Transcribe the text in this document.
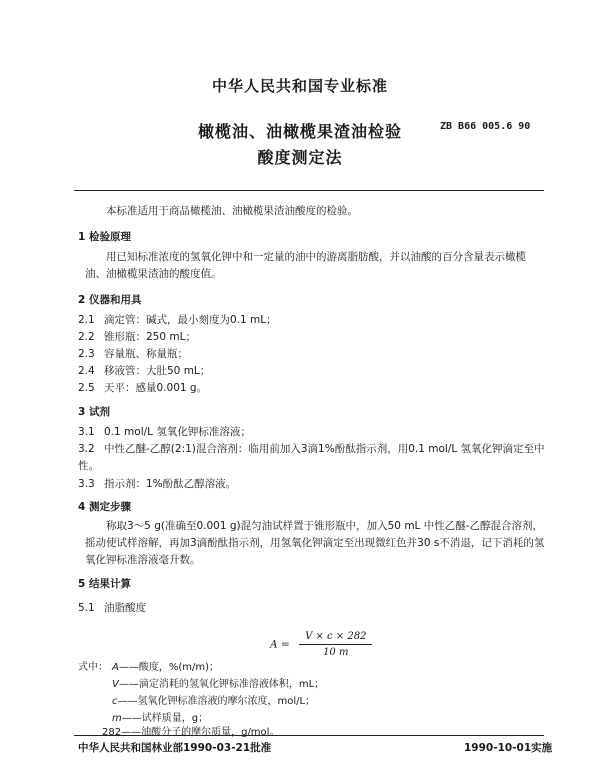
中华人民共和国专业标准
橄榄油、油橄榄果渣油检验
酸度测定法
ZB B66 005.6 90
本标准适用于商品橄榄油、油橄榄果渣油酸度的检验。
1 检验原理
用已知标准浓度的氢氧化钾中和一定量的油中的游离脂肪酸，并以油酸的百分含量表示橄榄油、油橄榄果渣油的酸度值。
2 仪器和用具
2.1 滴定管：碱式，最小刻度为0.1 mL；
2.2 锥形瓶：250 mL；
2.3 容量瓶、称量瓶；
2.4 移液管：大肚50 mL；
2.5 天平：感量0.001 g。
3 试剂
3.1 0.1 mol/L 氢氧化钾标准溶液；
3.2 中性乙醚-乙醇(2:1)混合溶剂：临用前加入3滴1%酚酞指示剂，用0.1 mol/L 氢氧化钾滴定至中性。
3.3 指示剂：1%酚酞乙醇溶液。
4 测定步骤
称取3～5 g(准确至0.001 g)混匀油试样置于锥形瓶中，加入50 mL 中性乙醚-乙醇混合溶剂，摇动使试样溶解，再加3滴酚酞指示剂，用氢氧化钾滴定至出现微红色并30 s不消退，记下消耗的氢氧化钾标准溶液毫升数。
5 结果计算
5.1 油脂酸度
$A = \frac{V \times c \times 282}{10 m}$
式中： A——酸度，%(m/m)；
V——滴定消耗的氢氧化钾标准溶液体积，mL；
c——氢氧化钾标准溶液的摩尔浓度，mol/L；
m——试样质量，g；
282——油酸分子的摩尔质量，g/mol。
中华人民共和国林业部1990-03-21批准	1990-10-01实施
